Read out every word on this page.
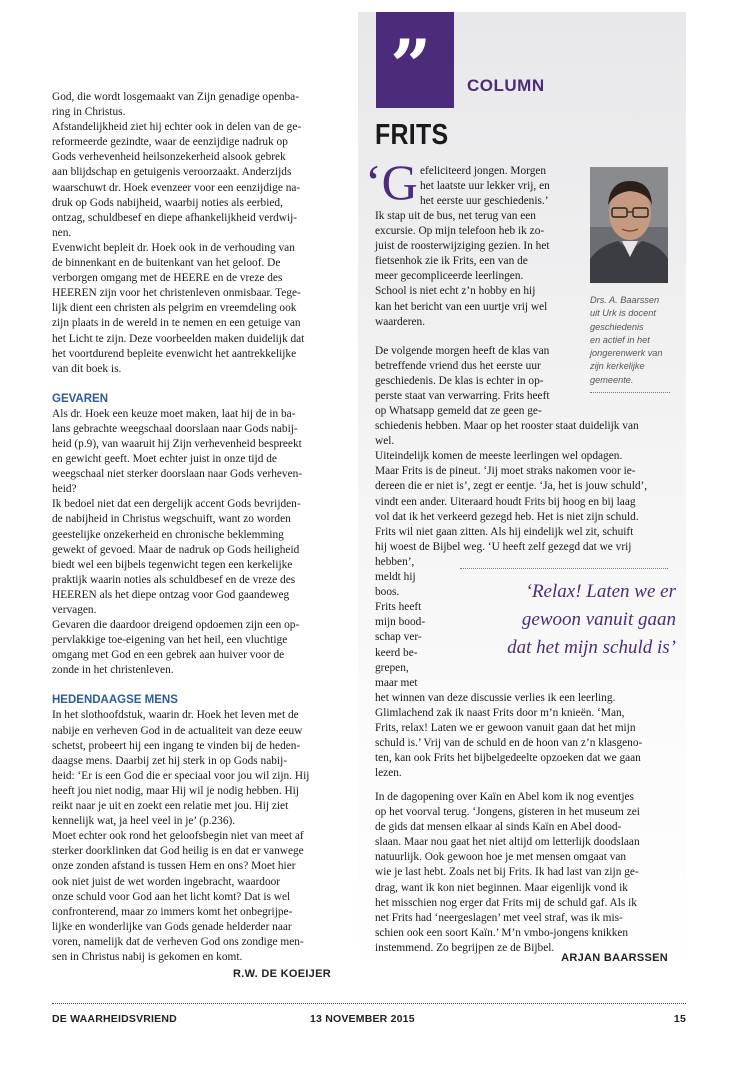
God, die wordt losgemaakt van Zijn genadige openba-
ring in Christus.
Afstandelijkheid ziet hij echter ook in delen van de ge-
reformeerde gezindte, waar de eenzijdige nadruk op
Gods verhevenheid heilsonzekerheid alsook gebrek
aan blijdschap en getuigenis veroorzaakt. Anderzijds
waarschuwt dr. Hoek evenzeer voor een eenzijdige na-
druk op Gods nabijheid, waarbij noties als eerbied,
ontzag, schuldbesef en diepe afhankelijkheid verdwij-
nen.
Evenwicht bepleit dr. Hoek ook in de verhouding van
de binnenkant en de buitenkant van het geloof. De
verborgen omgang met de HEERE en de vreze des
HEEREN zijn voor het christenleven onmisbaar. Tege-
lijk dient een christen als pelgrim en vreemdeling ook
zijn plaats in de wereld in te nemen en een getuige van
het Licht te zijn. Deze voorbeelden maken duidelijk dat
het voortdurend bepleite evenwicht het aantrekkelijke
van dit boek is.
GEVAREN
Als dr. Hoek een keuze moet maken, laat hij de in ba-
lans gebrachte weegschaal doorslaan naar Gods nabij-
heid (p.9), van waaruit hij Zijn verhevenheid bespreekt
en gewicht geeft. Moet echter juist in onze tijd de
weegschaal niet sterker doorslaan naar Gods verheven-
heid?
Ik bedoel niet dat een dergelijk accent Gods bevrijden-
de nabijheid in Christus wegschuift, want zo worden
geestelijke onzekerheid en chronische beklemming
gewekt of gevoed. Maar de nadruk op Gods heiligheid
biedt wel een bijbels tegenwicht tegen een kerkelijke
praktijk waarin noties als schuldbesef en de vreze des
HEEREN als het diepe ontzag voor God gaandeweg
vervagen.
Gevaren die daardoor dreigend opdoemen zijn een op-
pervlakkige toe-eigening van het heil, een vluchtige
omgang met God en een gebrek aan huiver voor de
zonde in het christenleven.
HEDENDAAGSE MENS
In het slothoofdstuk, waarin dr. Hoek het leven met de
nabije en verheven God in de actualiteit van deze eeuw
schetst, probeert hij een ingang te vinden bij de heden-
daagse mens. Daarbij zet hij sterk in op Gods nabij-
heid: ‘Er is een God die er speciaal voor jou wil zijn. Hij
heeft jou niet nodig, maar Hij wil je nodig hebben. Hij
reikt naar je uit en zoekt een relatie met jou. Hij ziet
kennelijk wat, ja heel veel in je’ (p.236).
Moet echter ook rond het geloofsbegin niet van meet af
sterker doorklinken dat God heilig is en dat er vanwege
onze zonden afstand is tussen Hem en ons? Moet hier
ook niet juist de wet worden ingebracht, waardoor
onze schuld voor God aan het licht komt? Dat is wel
confronterend, maar zo immers komt het onbegrijpe-
lijke en wonderlijke van Gods genade helderder naar
voren, namelijk dat de verheven God ons zondige men-
sen in Christus nabij is gekomen en komt.
R.W. DE KOEIJER
” COLUMN
FRITS
‘G efeliciteerd jongen. Morgen
het laatste uur lekker vrij, en
het eerste uur geschiedenis.’
Ik stap uit de bus, net terug van een
excursie. Op mijn telefoon heb ik zo-
juist de roosterwijziging gezien. In het
fietsenhok zie ik Frits, een van de
meer gecompliceerde leerlingen.
School is niet echt z’n hobby en hij
kan het bericht van een uurtje vrij wel
waarderen.
Drs. A. Baarssen
uit Urk is docent
geschiedenis
en actief in het
jongerenwerk van
zijn kerkelijke
gemeente.
De volgende morgen heeft de klas van
betreffende vriend dus het eerste uur
geschiedenis. De klas is echter in op-
perste staat van verwarring. Frits heeft
op Whatsapp gemeld dat ze geen ge-
schiedenis hebben. Maar op het rooster staat duidelijk van
wel.
Uiteindelijk komen de meeste leerlingen wel opdagen.
Maar Frits is de pineut. ‘Jij moet straks nakomen voor ie-
dereen die er niet is’, zegt er eentje. ‘Ja, het is jouw schuld’,
vindt een ander. Uiteraard houdt Frits bij hoog en bij laag
vol dat ik het verkeerd gezegd heb. Het is niet zijn schuld.
Frits wil niet gaan zitten. Als hij eindelijk wel zit, schuift
hij woest de Bijbel weg. ‘U heeft zelf gezegd dat we vrij
hebben’,
meldt hij
boos.
Frits heeft
mijn bood-
schap ver-
keerd be-
grepen,
maar met
‘Relax! Laten we er
gewoon vanuit gaan
dat het mijn schuld is’
het winnen van deze discussie verlies ik een leerling.
Glimlachend zak ik naast Frits door m’n knieën. ‘Man,
Frits, relax! Laten we er gewoon vanuit gaan dat het mijn
schuld is.’ Vrij van de schuld en de hoon van z’n klasgeno-
ten, kan ook Frits het bijbelgedeelte opzoeken dat we gaan
lezen.
In de dagopening over Kaïn en Abel kom ik nog eventjes
op het voorval terug. ‘Jongens, gisteren in het museum zei
de gids dat mensen elkaar al sinds Kaïn en Abel dood-
slaan. Maar nou gaat het niet altijd om letterlijk doodslaan
natuurlijk. Ook gewoon hoe je met mensen omgaat van
wie je last hebt. Zoals net bij Frits. Ik had last van zijn ge-
drag, want ik kon niet beginnen. Maar eigenlijk vond ik
het misschien nog erger dat Frits mij de schuld gaf. Als ik
net Frits had ‘neergeslagen’ met veel straf, was ik mis-
schien ook een soort Kaïn.’ M’n vmbo-jongens knikken
instemmend. Zo begrijpen ze de Bijbel.
ARJAN BAARSSEN
DE WAARHEIDSVRIEND	13 NOVEMBER 2015	15
